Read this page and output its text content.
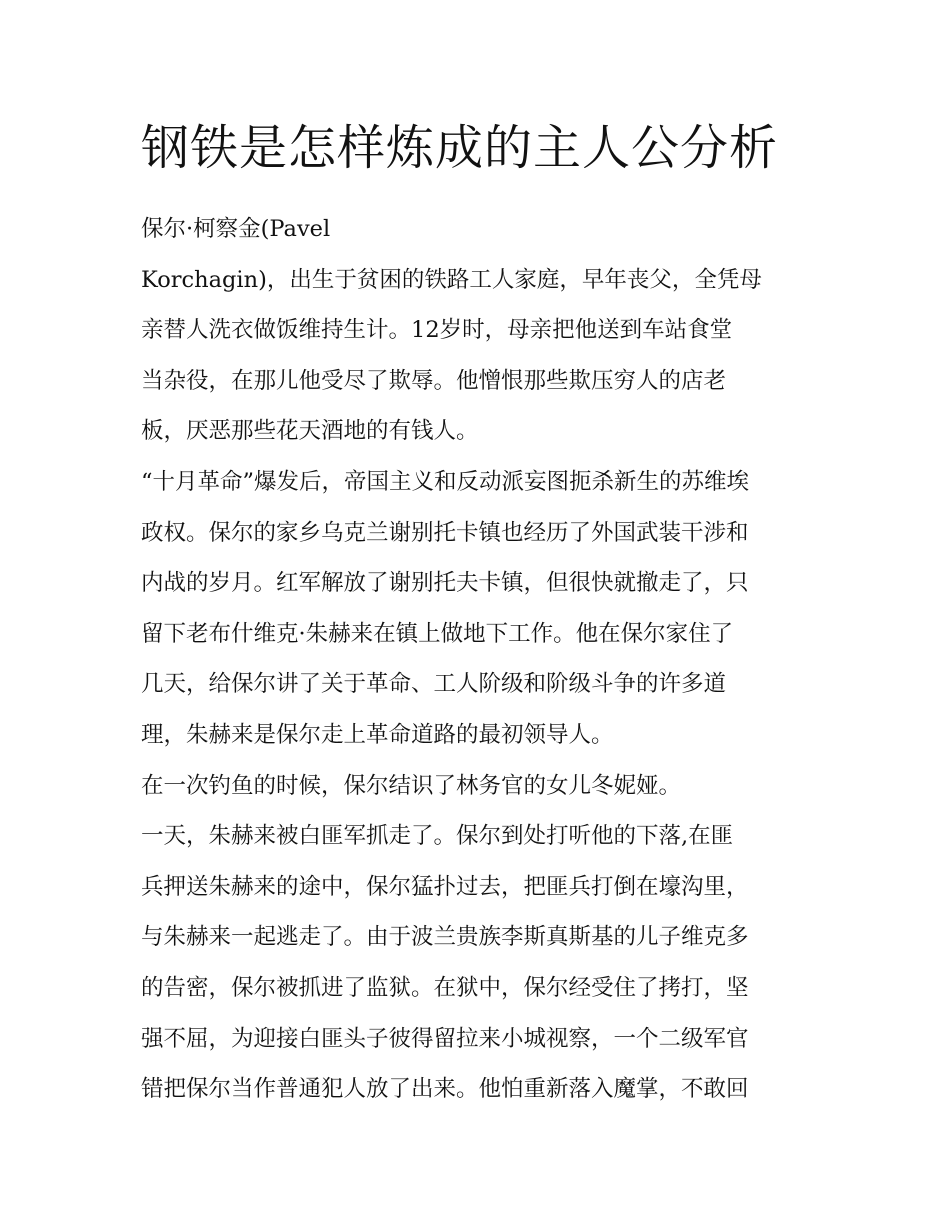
钢铁是怎样炼成的主人公分析

保尔·柯察金(Pavel

Korchagin)，出生于贫困的铁路工人家庭，早年丧父，全凭母

亲替人洗衣做饭维持生计。12岁时，母亲把他送到车站食堂

当杂役，在那儿他受尽了欺辱。他憎恨那些欺压穷人的店老

板，厌恶那些花天酒地的有钱人。

“十月革命”爆发后，帝国主义和反动派妄图扼杀新生的苏维埃

政权。保尔的家乡乌克兰谢别托卡镇也经历了外国武装干涉和

内战的岁月。红军解放了谢别托夫卡镇，但很快就撤走了，只

留下老布什维克·朱赫来在镇上做地下工作。他在保尔家住了

几天，给保尔讲了关于革命、工人阶级和阶级斗争的许多道

理，朱赫来是保尔走上革命道路的最初领导人。

在一次钓鱼的时候，保尔结识了林务官的女儿冬妮娅。

一天，朱赫来被白匪军抓走了。保尔到处打听他的下落,在匪

兵押送朱赫来的途中，保尔猛扑过去，把匪兵打倒在壕沟里，

与朱赫来一起逃走了。由于波兰贵族李斯真斯基的儿子维克多

的告密，保尔被抓进了监狱。在狱中，保尔经受住了拷打，坚

强不屈，为迎接白匪头子彼得留拉来小城视察，一个二级军官

错把保尔当作普通犯人放了出来。他怕重新落入魔掌，不敢回
